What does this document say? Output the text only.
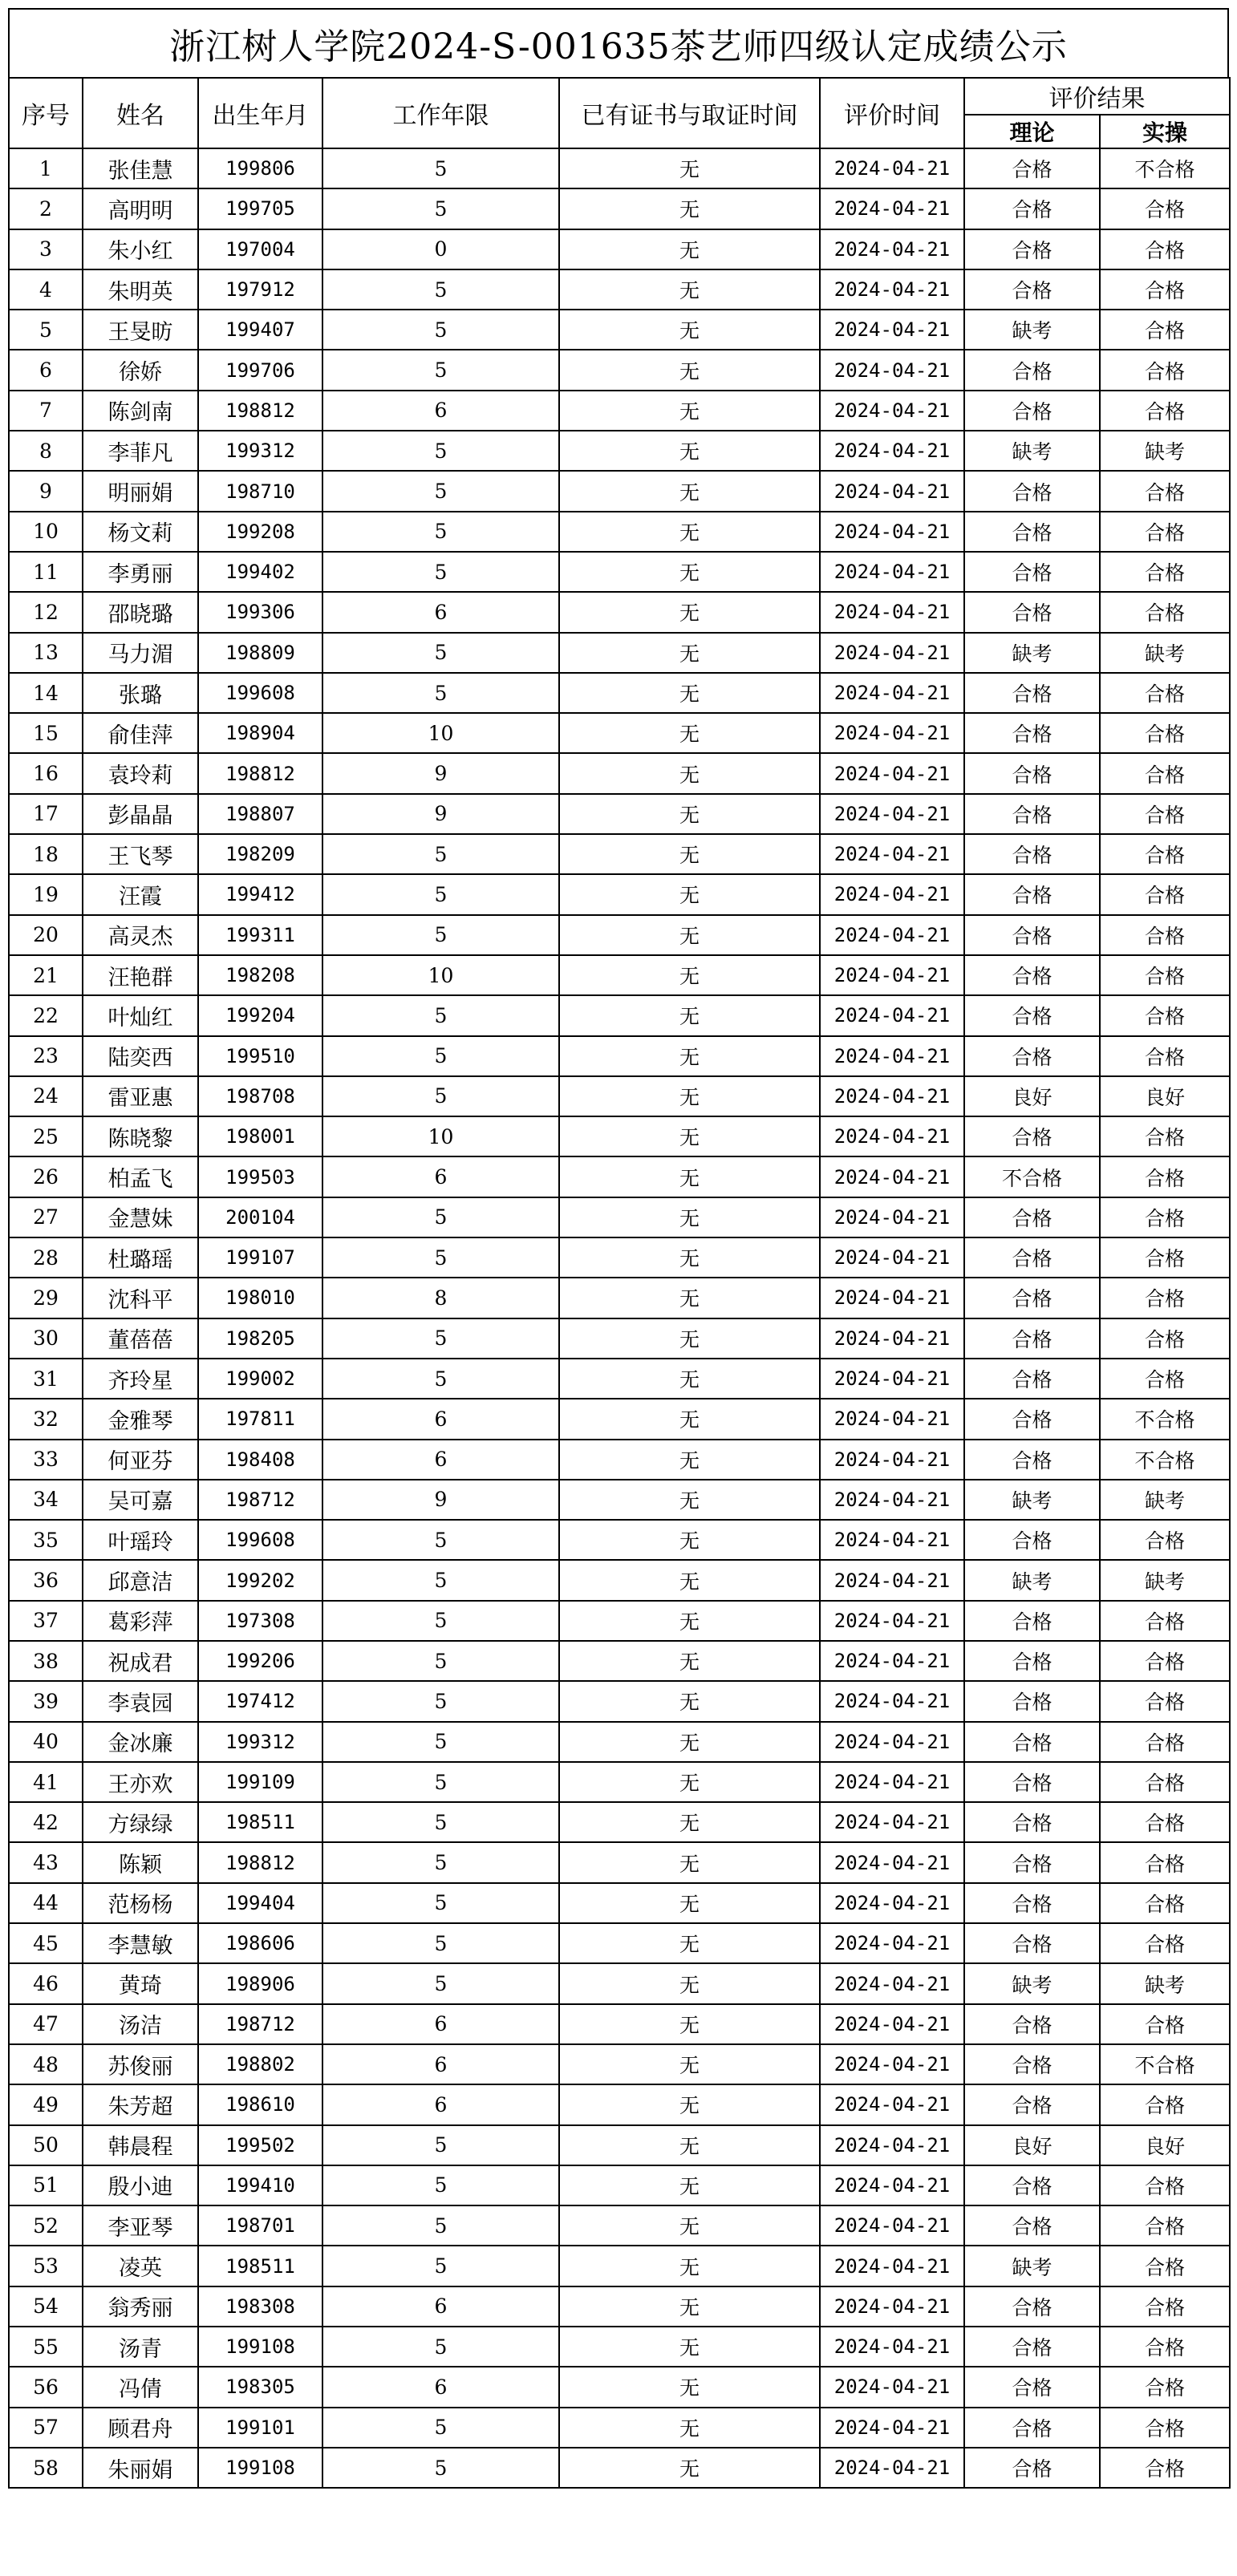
浙江树人学院2024-S-001635茶艺师四级认定成绩公示
序号	姓名	出生年月	工作年限	已有证书与取证时间	评价时间	评价结果	
						理论	实操
1	张佳慧	199806	5	无	2024-04-21	合格	不合格
2	高明明	199705	5	无	2024-04-21	合格	合格
3	朱小红	197004	0	无	2024-04-21	合格	合格
4	朱明英	197912	5	无	2024-04-21	合格	合格
5	王旻昉	199407	5	无	2024-04-21	缺考	合格
6	徐娇	199706	5	无	2024-04-21	合格	合格
7	陈剑南	198812	6	无	2024-04-21	合格	合格
8	李菲凡	199312	5	无	2024-04-21	缺考	缺考
9	明丽娟	198710	5	无	2024-04-21	合格	合格
10	杨文莉	199208	5	无	2024-04-21	合格	合格
11	李勇丽	199402	5	无	2024-04-21	合格	合格
12	邵晓璐	199306	6	无	2024-04-21	合格	合格
13	马力湄	198809	5	无	2024-04-21	缺考	缺考
14	张璐	199608	5	无	2024-04-21	合格	合格
15	俞佳萍	198904	10	无	2024-04-21	合格	合格
16	袁玲莉	198812	9	无	2024-04-21	合格	合格
17	彭晶晶	198807	9	无	2024-04-21	合格	合格
18	王飞琴	198209	5	无	2024-04-21	合格	合格
19	汪霞	199412	5	无	2024-04-21	合格	合格
20	高灵杰	199311	5	无	2024-04-21	合格	合格
21	汪艳群	198208	10	无	2024-04-21	合格	合格
22	叶灿红	199204	5	无	2024-04-21	合格	合格
23	陆奕西	199510	5	无	2024-04-21	合格	合格
24	雷亚惠	198708	5	无	2024-04-21	良好	良好
25	陈晓黎	198001	10	无	2024-04-21	合格	合格
26	柏孟飞	199503	6	无	2024-04-21	不合格	合格
27	金慧妹	200104	5	无	2024-04-21	合格	合格
28	杜璐瑶	199107	5	无	2024-04-21	合格	合格
29	沈科平	198010	8	无	2024-04-21	合格	合格
30	董蓓蓓	198205	5	无	2024-04-21	合格	合格
31	齐玲星	199002	5	无	2024-04-21	合格	合格
32	金雅琴	197811	6	无	2024-04-21	合格	不合格
33	何亚芬	198408	6	无	2024-04-21	合格	不合格
34	吴可嘉	198712	9	无	2024-04-21	缺考	缺考
35	叶瑶玲	199608	5	无	2024-04-21	合格	合格
36	邱意洁	199202	5	无	2024-04-21	缺考	缺考
37	葛彩萍	197308	5	无	2024-04-21	合格	合格
38	祝成君	199206	5	无	2024-04-21	合格	合格
39	李袁园	197412	5	无	2024-04-21	合格	合格
40	金冰廉	199312	5	无	2024-04-21	合格	合格
41	王亦欢	199109	5	无	2024-04-21	合格	合格
42	方绿绿	198511	5	无	2024-04-21	合格	合格
43	陈颖	198812	5	无	2024-04-21	合格	合格
44	范杨杨	199404	5	无	2024-04-21	合格	合格
45	李慧敏	198606	5	无	2024-04-21	合格	合格
46	黄琦	198906	5	无	2024-04-21	缺考	缺考
47	汤洁	198712	6	无	2024-04-21	合格	合格
48	苏俊丽	198802	6	无	2024-04-21	合格	不合格
49	朱芳超	198610	6	无	2024-04-21	合格	合格
50	韩晨程	199502	5	无	2024-04-21	良好	良好
51	殷小迪	199410	5	无	2024-04-21	合格	合格
52	李亚琴	198701	5	无	2024-04-21	合格	合格
53	凌英	198511	5	无	2024-04-21	缺考	合格
54	翁秀丽	198308	6	无	2024-04-21	合格	合格
55	汤青	199108	5	无	2024-04-21	合格	合格
56	冯倩	198305	6	无	2024-04-21	合格	合格
57	顾君舟	199101	5	无	2024-04-21	合格	合格
58	朱丽娟	199108	5	无	2024-04-21	合格	合格
